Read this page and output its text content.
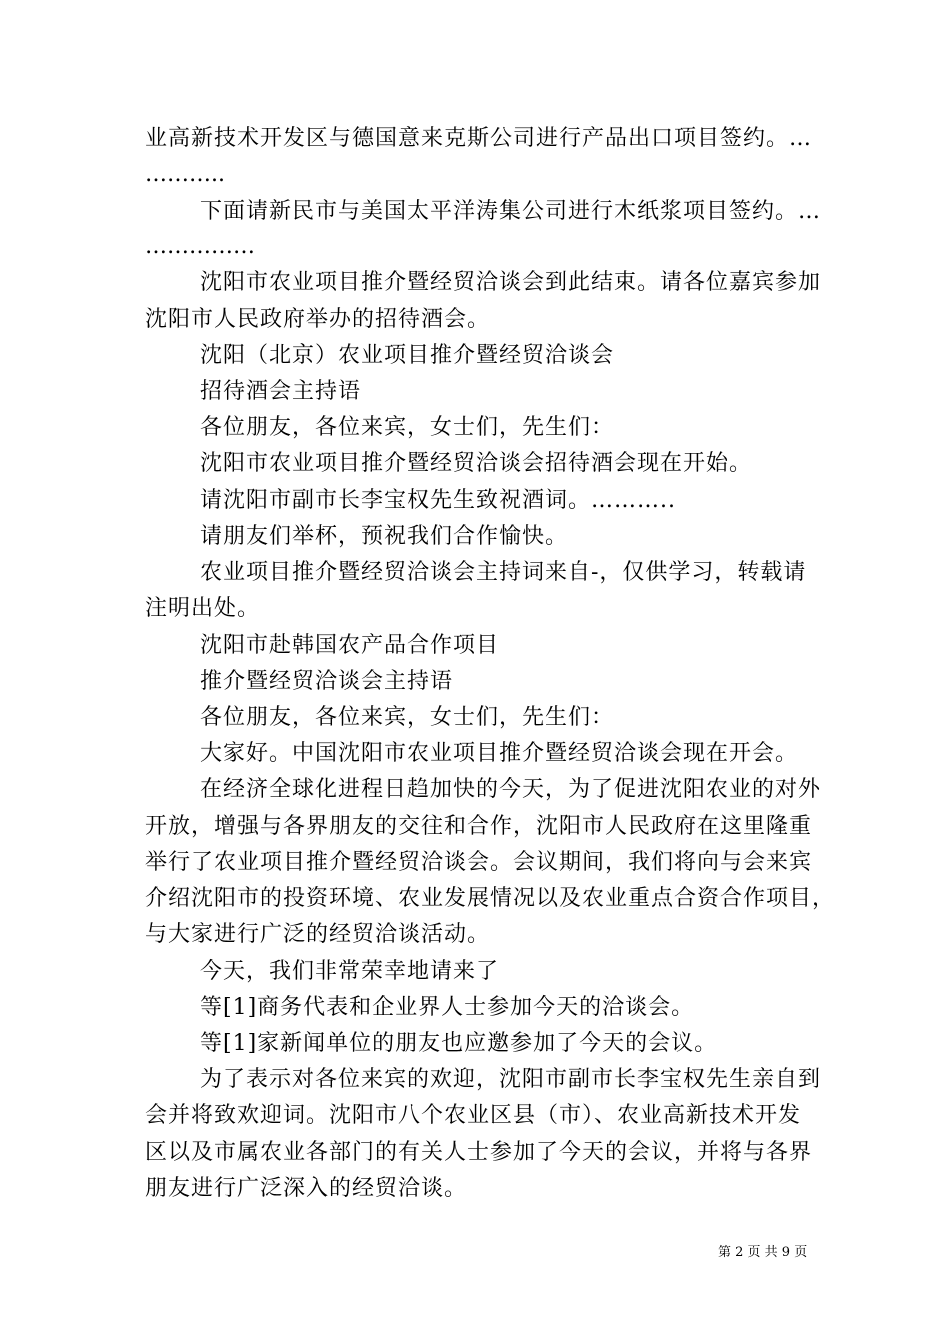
业高新技术开发区与德国意来克斯公司进行产品出口项目签约。…
………..
下面请新民市与美国太平洋涛集公司进行木纸浆项目签约。…
……………
沈阳市农业项目推介暨经贸洽谈会到此结束。请各位嘉宾参加
沈阳市人民政府举办的招待酒会。
沈阳（北京）农业项目推介暨经贸洽谈会
招待酒会主持语
各位朋友，各位来宾，女士们，先生们：
沈阳市农业项目推介暨经贸洽谈会招待酒会现在开始。
请沈阳市副市长李宝权先生致祝酒词。………..
请朋友们举杯，预祝我们合作愉快。
农业项目推介暨经贸洽谈会主持词来自-，仅供学习，转载请
注明出处。
沈阳市赴韩国农产品合作项目
推介暨经贸洽谈会主持语
各位朋友，各位来宾，女士们，先生们：
大家好。中国沈阳市农业项目推介暨经贸洽谈会现在开会。
在经济全球化进程日趋加快的今天，为了促进沈阳农业的对外
开放，增强与各界朋友的交往和合作，沈阳市人民政府在这里隆重
举行了农业项目推介暨经贸洽谈会。会议期间，我们将向与会来宾
介绍沈阳市的投资环境、农业发展情况以及农业重点合资合作项目，
与大家进行广泛的经贸洽谈活动。
今天，我们非常荣幸地请来了
等[1]商务代表和企业界人士参加今天的洽谈会。
等[1]家新闻单位的朋友也应邀参加了今天的会议。
为了表示对各位来宾的欢迎，沈阳市副市长李宝权先生亲自到
会并将致欢迎词。沈阳市八个农业区县（市）、农业高新技术开发
区以及市属农业各部门的有关人士参加了今天的会议，并将与各界
朋友进行广泛深入的经贸洽谈。
第 2 页 共 9 页
